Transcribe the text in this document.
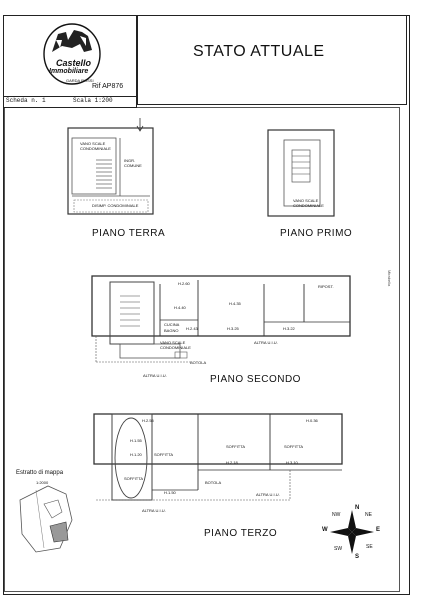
Castello
Immobiliare
GARDA ROSSI
Rif AP876
STATO ATTUALE
Scheda n. 1	Scala 1:200
Mirabella
PIANO TERRA	PIANO PRIMO
PIANO SECONDO
PIANO TERZO
VANO SCALE CONDOMINIALE
INGR. COMUNE
DISIMP. CONDOMINIALE
VANO SCALE CONDOMINIALE
VANO SCALE CONDOMINIALE
RIPOST.
CUCINA
BAGNO
BOTOLA
ALTRA U.I.U.
ALTRA U.I.U.
SOFFITTA
SOFFITTA	SOFFITTA
SOFFITTA
BOTOLA
ALTRA U.I.U.
ALTRA U.I.U.
H.4.40
H.4.35
H.3.25	H.3.22
H.2.60
H.2.43
H.2.55
H.1.55
H.1.20
H.2.18	H.3.10
H.1.50
H.0.36
Estratto di mappa
1:2000
N
NE
E
SE
S
SW
W
NW
